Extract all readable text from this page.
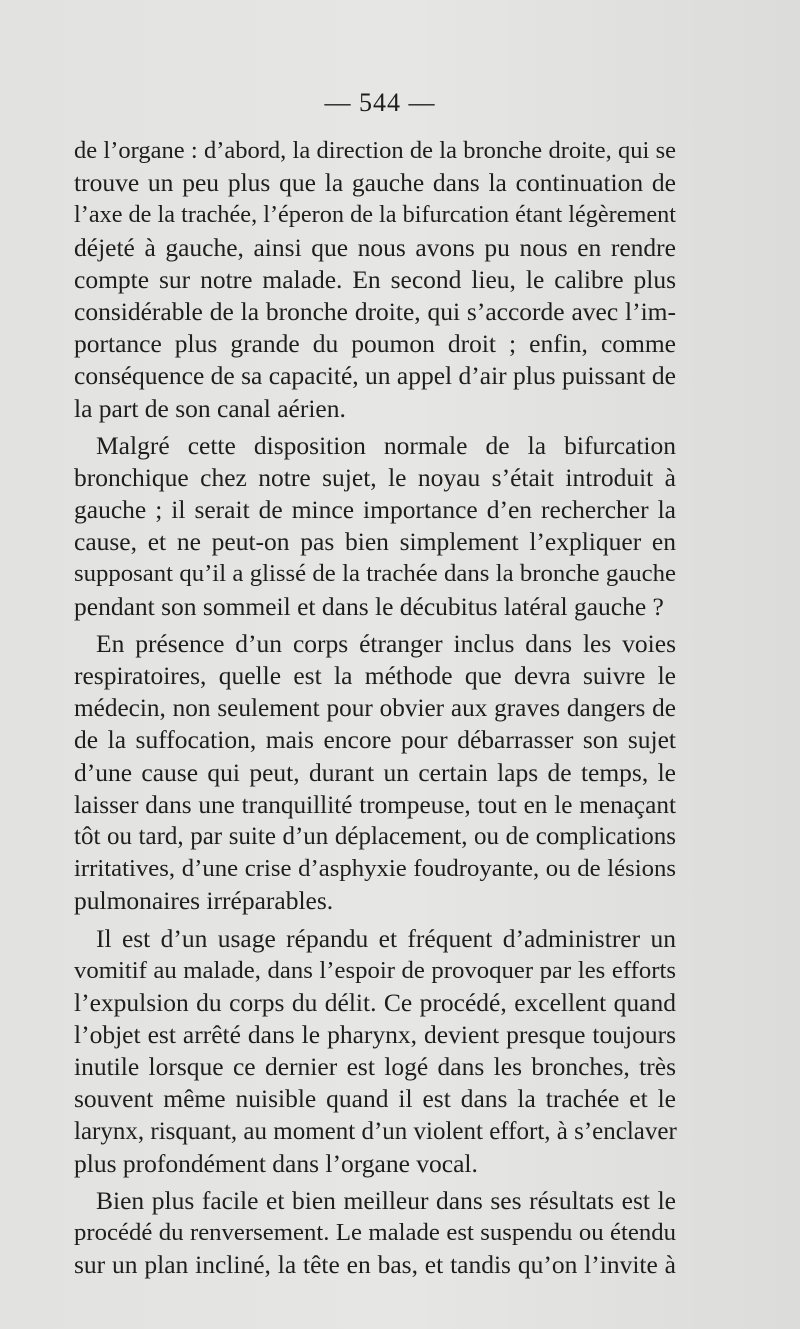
— 544 —
de l’organe : d’abord, la direction de la bronche droite, qui se
trouve un peu plus que la gauche dans la continuation de
l’axe de la trachée, l’éperon de la bifurcation étant légèrement
déjeté à gauche, ainsi que nous avons pu nous en rendre
compte sur notre malade. En second lieu, le calibre plus
considérable de la bronche droite, qui s’accorde avec l’im-
portance plus grande du poumon droit ; enfin, comme
conséquence de sa capacité, un appel d’air plus puissant de
la part de son canal aérien.
Malgré cette disposition normale de la bifurcation
bronchique chez notre sujet, le noyau s’était introduit à
gauche ; il serait de mince importance d’en rechercher la
cause, et ne peut-on pas bien simplement l’expliquer en
supposant qu’il a glissé de la trachée dans la bronche gauche
pendant son sommeil et dans le décubitus latéral gauche ?
En présence d’un corps étranger inclus dans les voies
respiratoires, quelle est la méthode que devra suivre le
médecin, non seulement pour obvier aux graves dangers de
de la suffocation, mais encore pour débarrasser son sujet
d’une cause qui peut, durant un certain laps de temps, le
laisser dans une tranquillité trompeuse, tout en le menaçant
tôt ou tard, par suite d’un déplacement, ou de complications
irritatives, d’une crise d’asphyxie foudroyante, ou de lésions
pulmonaires irréparables.
Il est d’un usage répandu et fréquent d’administrer un
vomitif au malade, dans l’espoir de provoquer par les efforts
l’expulsion du corps du délit. Ce procédé, excellent quand
l’objet est arrêté dans le pharynx, devient presque toujours
inutile lorsque ce dernier est logé dans les bronches, très
souvent même nuisible quand il est dans la trachée et le
larynx, risquant, au moment d’un violent effort, à s’enclaver
plus profondément dans l’organe vocal.
Bien plus facile et bien meilleur dans ses résultats est le
procédé du renversement. Le malade est suspendu ou étendu
sur un plan incliné, la tête en bas, et tandis qu’on l’invite à
